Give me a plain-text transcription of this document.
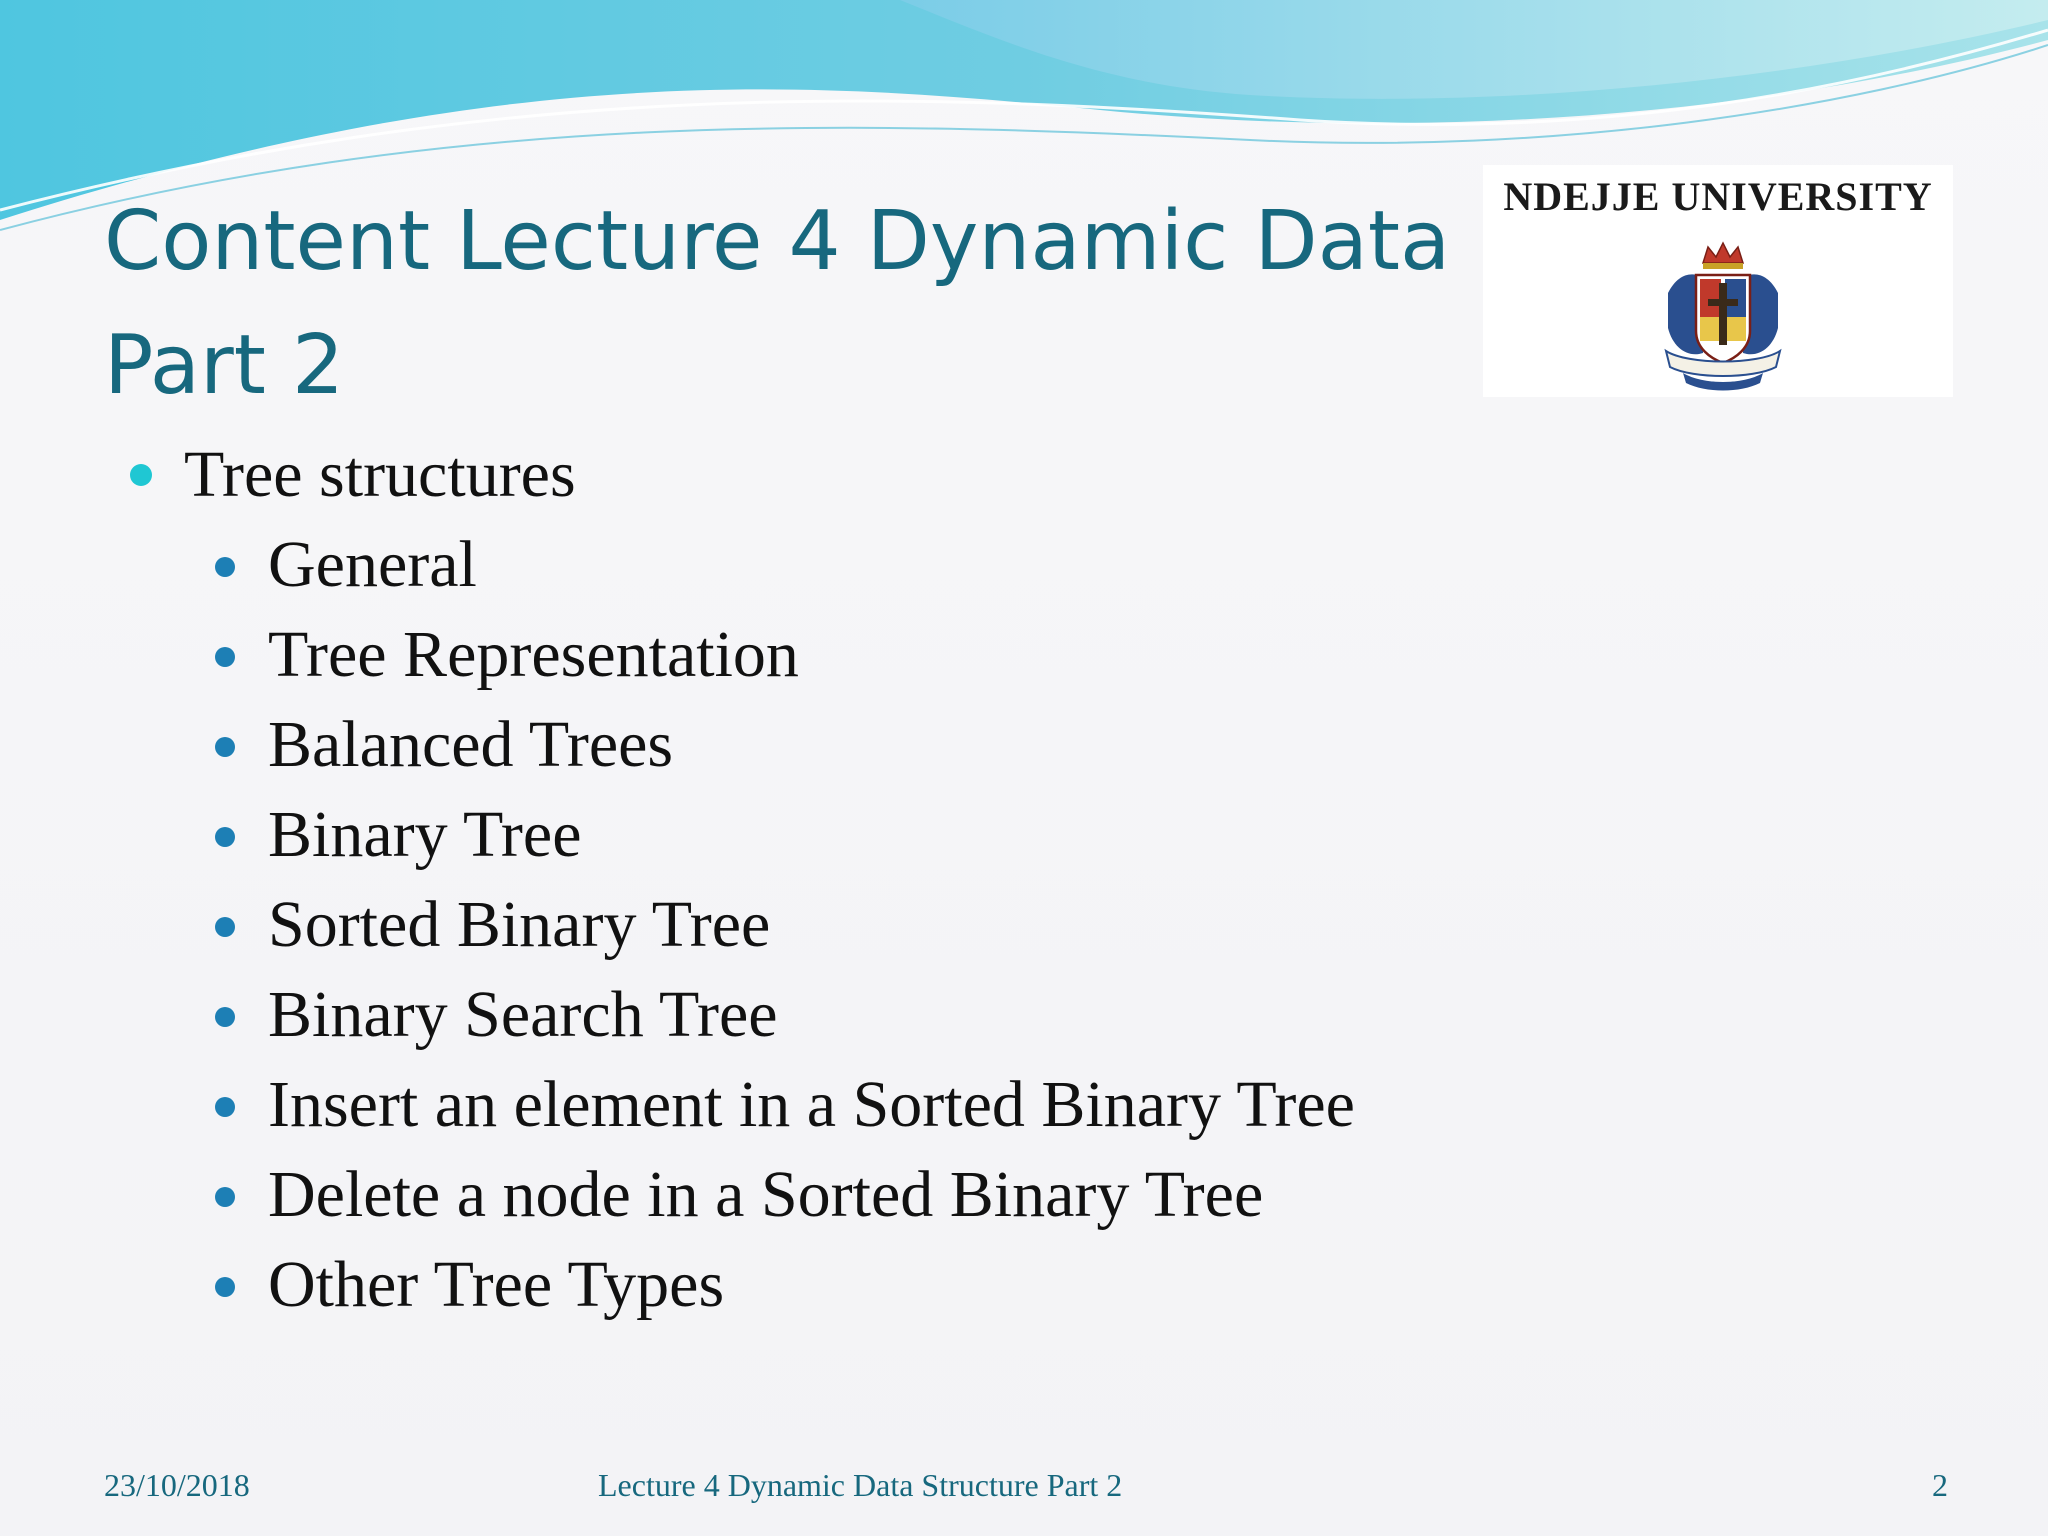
Content Lecture 4 Dynamic Data Part 2
NDEJJE UNIVERSITY
Tree structures
General
Tree Representation
Balanced Trees
Binary Tree
Sorted Binary Tree
Binary Search Tree
Insert an element in a Sorted Binary Tree
Delete a node in a Sorted Binary Tree
Other Tree Types
23/10/2018	Lecture 4 Dynamic Data Structure Part 2	2
